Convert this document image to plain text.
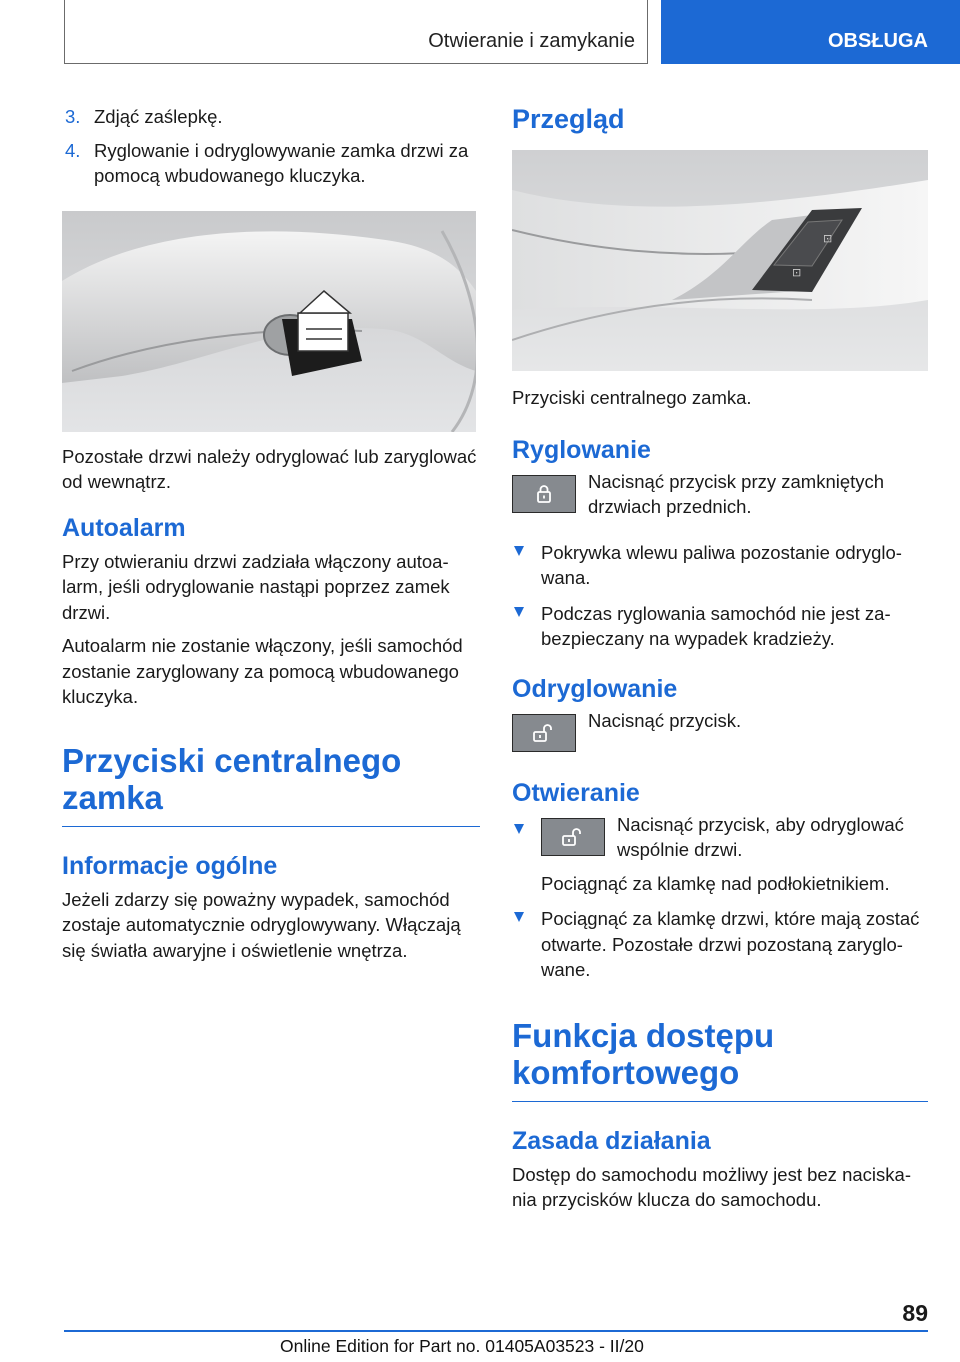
Otwieranie i zamykanie	OBSŁUGA
3. Zdjąć zaślepkę.
4. Ryglowanie i odryglowywanie zamka drzwi za pomocą wbudowanego kluczyka.

Pozostałe drzwi należy odryglować lub zaryglować od wewnątrz.

Autoalarm

Przy otwieraniu drzwi zadziała włączony autoalarm, jeśli odryglowanie nastąpi poprzez zamek drzwi.

Autoalarm nie zostanie włączony, jeśli samochód zostanie zaryglowany za pomocą wbudowanego kluczyka.

Przyciski centralnego zamka
Informacje ogólne

Jeżeli zdarzy się poważny wypadek, samochód zostaje automatycznie odryglowywany. Włączają się światła awaryjne i oświetlenie wnętrza.

Przegląd
⊡
⊡

Przyciski centralnego zamka.

Ryglowanie

Nacisnąć przycisk przy zamkniętych drzwiach przednich.

Pokrywka wlewu paliwa pozostanie odryglowana.
Podczas ryglowania samochód nie jest zabezpieczany na wypadek kradzieży.
Odryglowanie

Nacisnąć przycisk.

Otwieranie

Nacisnąć przycisk, aby odryglować wspólnie drzwi.

Pociągnąć za klamkę nad podłokietnikiem.

Pociągnąć za klamkę drzwi, które mają zostać otwarte. Pozostałe drzwi pozostaną zaryglowane.
Funkcja dostępu komfortowego
Zasada działania

Dostęp do samochodu możliwy jest bez naciskania przycisków klucza do samochodu.

89
Online Edition for Part no. 01405A03523 - II/20
